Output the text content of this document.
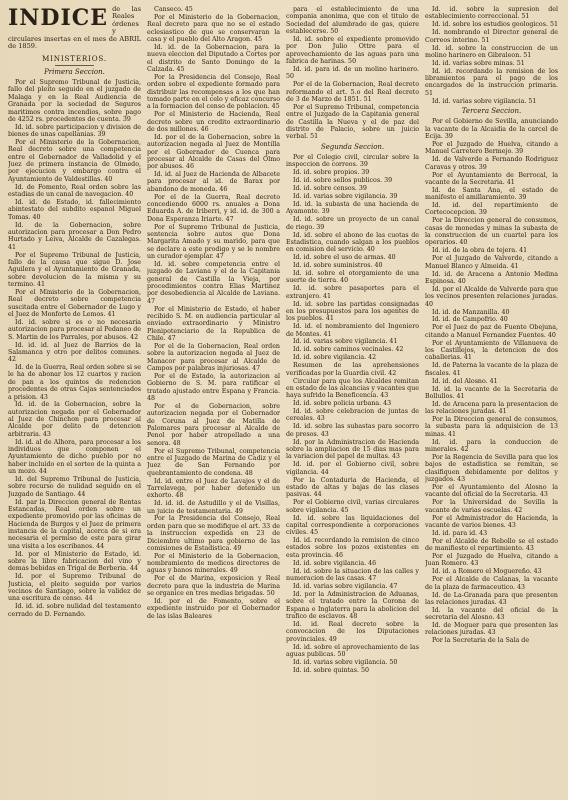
INDICE de las Reales órdenes y circulares insertas en el mes de ABRIL de 1859.
MINISTERIOS.
Primera Seccion.

Por el Supremo Tribunal de Justicia, fallo del pleito seguido en el juzgado de Malaga y en la Real Audiencia de Granada por la sociedad de Seguros maritimos contra incendios, sobre pago de 4252 rs. procedentes de cuenta. 39

Id. id. sobre participacion y division de bienes de unas capellanias. 39

Por el Ministerio de la Gobernacion, Real decreto sobre una competencia entre el Gobernador de Valladolid y el Juez de primera instancia de Olmedo, por ejecucion y embargo contra el Ayuntamiento de Valdestillas. 40

Id. de Fomento, Real orden sobre las estadias de un canal de navegacion. 40

Id. id. de Estado, id. fallecimiento abintestato del subdito espanol Miguel Tomas. 40

Id. de la Gobernacion, sobre autorizacion para procesar a Don Pedro Hurtado y Leiva, Alcalde de Cazalegas. 41

Por el Supremo Tribunal de Justicia, fallo de la causa que sigue D. Jose Aguilera y el Ayuntamiento de Granada, sobre devolucion de la misma y su termino. 41

Por el Ministerio de la Gobernacion, Real decreto sobre competencia suscitada entre el Gobernador de Lugo y el Juez de Monforte de Lemos. 41

Id. id. sobre si es o no necesaria autorizacion para procesar al Pedaneo de S. Martin de los Parrales, por abusos. 42

Id. id. id. al Juez de Barrios de la Salamanca y otro por delitos comunes. 42

Id. de la Guerra, Real orden sobre si se le ha de abonar los 12 cuartos y racion de pan a los quintos de redencion procedentes de otras Cajas sentenciados a prision. 43

Id. id. de la Gobernacion, sobre la autorizacion negada por el Gobernador al Juez de Chinchon para procesar al Alcalde por delito de detencion arbitraria. 43

Id. id. al de Alhora, para procesar a los individuos que componen el Ayuntamiento de dicho pueblo por no haber incluido en el sorteo de la quinta a un mozo. 44

Id. del Supremo Tribunal de Justicia, sobre recurso de nulidad seguido en el Juzgado de Santiago. 44

Id. par la Direccion general de Rentas Estancadas, Real orden sobre un expediente promovido por las oficinas de Hacienda de Burgos y el Juez de primera instancia de la capital, acerca de si era necesaria el permiso de este para girar una visita a los escribanos. 44

Id. por el Ministerio de Estado, id. sobre la libre fabricacion del vino y demas bebidas en Trigal de Berberia. 44

Id. por el Supremo Tribunal de Justicia, el pleito seguido por varios vecinos de Santiago, sobre la validez de una escritura de censo. 44

Id. id. id. sobre nulidad del testamento cerrado de D. Fernando.

Canseco. 45

Por el Ministerio de la Gobernacion, Real decreto para que no se el estado eclesiastico de que se conservaran la casa y el pueblo del Alto Aragon. 45

Id. id. de la Gobernacion, para la nueva eleccion del Diputado a Cortes por el distrito de Santo Domingo de la Calzada. 45

Por la Presidencia del Consejo, Real orden sobre el expediente formado para distribuir las recompensas a los que han tomado parte en el celo y eficaz concurso a la formacion del censo de poblacion. 45

Por el Ministerio de Hacienda, Real decreto sobre un credito extraordinario de dos millones. 46

Id. por el de la Gobernacion, sobre la autorizacion negada al Juez de Montilla por el Gobernador de Cuenca para procesar al Alcalde de Casas del Olmo por abusos. 46

Id. id. al Juez de Hacienda de Albacete para procesar al id. de Barax por abandono de moneda. 46

Por el de la Guerra, Real decreto concediendo 6000 rs. anuales a Dona Eduarda A. de Iriberri, y id. id. de 300 a Dona Esperanza Iriarte. 47

Por el Supremo Tribunal de Justicia, sentencia sobre autos que Dona Margarita Amado y su marido, para que se declare a este prodigo y se le nombre un curador ejemplar. 47

Id. id. sobre competencia entre el juzgado de Laviana y el de la Capitania general de Castilla la Vieja, por procedimientos contra Elias Martinez por desobediencia al Alcalde de Laviana. 47

Por el Ministerio de Estado, el haber recibido S. M. en audiencia particular al enviado extraordinario y Ministro Plenipotenciario de la Republica de Chile. 47

Por el de la Gobernacion, Real orden sobre la autorizacion negada al Juez de Manacor para procesar al Alcalde de Campos por palabras injuriosas. 47

Por el de Estado, la autorizacion al Gobierno de S. M. para ratificar el tratado ajustado entre Espana y Francia. 48

Por el de Gobernacion, sobre autorizacion negada por el Gobernador de Coruna al Juez de Matilla de Palomares para procesar al Alcalde de Penol por haber atropellado a una senora. 48

Por el Supremo Tribunal, competencia entre el Juzgado de Marina de Cadiz y el Juez de San Fernando por quebrantamiento de condena. 48

Id. id. entre el Juez de Lavajos y el de Tarrelavega, por haber detenido un exhorto. 48

Id. id. id. de Astudillo y el de Visillas, un juicio de testamentaria. 49

Por la Presidencia del Consejo, Real orden para que se modifique el art. 33 de la instruccion expedida en 23 de Diciembre ultimo para gobierno de las comisiones de Estadistica. 49

Por el Ministerio de la Gobernacion, nombramiento de medicos directores de aguas y banos minerales. 49

Por el de Marina, exposicion y Real decreto para que la industria de Marina se organice en tres medias brigadas. 50

Id. por el de Fomento, sobre el expediente instruido por el Gobernador de las islas Baleares

para el establecimiento de una compania anonima, que con el titulo de Sociedad del alumbrado de gas, quiere establecerse. 50

Id. id. sobre el expediente promovido por Don Julio Ottre para el aprovechamiento de las aguas para una fabrica de harinas. 50

Id. id. para id. de un molino harinero. 50

Por el de la Gobernacion, Real decreto reformando el art. 5.o del Real decreto de 3 de Marzo de 1851. 51

Por el Supremo Tribunal, competencia entre el Juzgado de la Capitania general de Castilla la Nueva y el de paz del distrito de Palacio, sobre un juicio verbal. 51

Segunda Seccion.

Por el Colegio civil, circular sobre la inspeccion de correos. 39

Id. id. sobre propios. 39

Id. id. sobre sellos publicos. 39

Id. id. sobre censos. 39

Id. id. varias sobre vigilancia. 39

Id. id. la subasta de una hacienda de Ayamonte. 39

Id. id. sobre un proyecto de un canal de riego. 39

Id. id. sobre el abono de las cuotas de Estadistica, cuando salgan a los pueblos en comision del servicio. 40

Id. id. sobre el uso de armas. 40

Id. id. sobre suministros. 40

Id. id. sobre el otorgamiento de una suerte de tierra. 40

Id. id. sobre pasaportes para el extranjero. 41

Id. id. sobre las partidas consignadas en los presupuestos para los agentes de los pueblos. 41

Id. id. el nombramiento del Ingeniero de Montes. 41

Id. id. varias sobre vigilancia. 41

Id. id. sobre caminos vecinales. 42

Id. id. sobre vigilancia. 42

Resumen de las aprehensiones verificadas por la Guardia civil. 42

Circular para que los Alcaldes remitan en estado de las alcancias y vacantes que haya sufrido la Beneficencia. 43

Id. id. sobre policia urbana. 43

Id. id. sobre celebracion de juntas de cereales. 43

Id. id. sobre las subastas para socorro de presos. 43

Id. por la Administracion de Hacienda sobre la ampliacion de 15 dias mas para la variacion del papel de multas. 43

Id. id. por el Gobierno civil, sobre vigilancia. 44

Por la Contaduria de Hacienda, el estado de altas y bajas de las clases pasivas. 44

Por el Gobierno civil, varias circulares sobre vigilancia. 45

Id. id. sobre las liquidaciones del capital correspondiente a corporaciones civiles. 45

Id. id. recordando la remision de cinco estados sobre los pozos existentes en esta provincia. 46

Id. id. sobre vigilancia. 46

Id. id. sobre la situacion de las calles y numeracion de las casas. 47

Id. id. varias sobre vigilancia. 47

Id. por la Administracion de Aduanas, sobre el tratado entre la Corona de Espana e Inglaterra para la abolicion del trafico de esclavos. 48

Id. id. Real decreto sobre la convocacion de los Diputaciones provinciales. 49

Id. id. sobre el aprovechamiento de las aguas publicas. 50

Id. id. varias sobre vigilancia. 50

Id. id. sobre quintas. 50

Id. id. sobre la supresion del establecimiento correccional. 51

Id. id. sobre los estudios geologicos. 51

Id. nombrando el Director general de Correos interino. 51

Id. id. sobre la construccion de un molino harinero en Gibraleon. 51

Id. id. varias sobre minas. 51

Id. id. recordando la remision de los libramientos para el pago de los encargados de la instruccion primaria. 51

Id. id. varias sobre vigilancia. 51

Tercera Seccion.

Por el Gobierno de Sevilla, anunciando la vacante de la Alcaidia de la carcel de Ecija. 39

Por el Juzgado de Huelva, citando a Manuel Carretero Bermejo. 39

Id. de Valverde a Fernando Rodriguez Caravas y otros. 39

Por el Ayuntamiento de Berrocal, la vacante de la Secretaria. 41

Id. de Santa Ana, el estado de manifesto el amillaramiento. 39

Id. id. del repartimiento de Cortecocepcion. 39

Por la Direccion general de consumos, casas de monedas y minas la subasta de la construccion de un cuartel para los operarios. 40

Id. id. de la obra de tejera. 41

Por el Juzgado de Valverde, citando a Manuel Blanco y Almeida. 41

Id. id. de Aracena a Antonio Medina Espinosa. 40

Id. por el Alcalde de Valverde para que los vecinos presenten relaciones juradas. 40

Id. id. de Manzanilla. 40

Id. id. de Campofrio. 40

Por el Juez de paz de Fuente Obejuna, citando a Manuel Fernandez Fuentes. 40

Por el Ayuntamiento de Villanueva de los Castillejos, la detencion de dos caballerias. 41

Id. de Paterna la vacante de la plaza de fiscales. 41

Id. id. del Alosno. 41

Id. id. la vacante de la Secretaria de Bollullos. 41

Id. de Aracena para la presentacion de las relaciones juradas. 41

Por la Direccion general de consumos, la subasta para la adquisicion de 13 minas. 41

Id. id. para la conduccion de minerales. 42

Por la Regencia de Sevilla para que los bajos de estadistica se remitan, se clasifiquen debidamente por delitos y juzgados. 43

Por el Ayuntamiento del Alosno la vacante del oficial de la Secretaria. 43

Por la Universidad de Sevilla la vacante de varias escuelas. 42

Por el Administrador de Hacienda, la vacante de varios bienes. 43

Id. id. para id. 43

Por el Alcalde de Rebollo se el estado de manifiesto el repartimiento. 43

Por el Juzgado de Huelva, citando a Juan Romero. 43

Id. id. a Romero el Moguereño. 43

Por el Alcalde de Calanas, la vacante de la plaza de farmaceutico. 43

Id. de La-Granada para que presenten las relaciones juradas. 43

Id. la vacante del oficial de la secretaria del Alosno. 43

Id. de Moguer para que presenten las relaciones juradas. 43

Por la Secretaria de la Sala de
